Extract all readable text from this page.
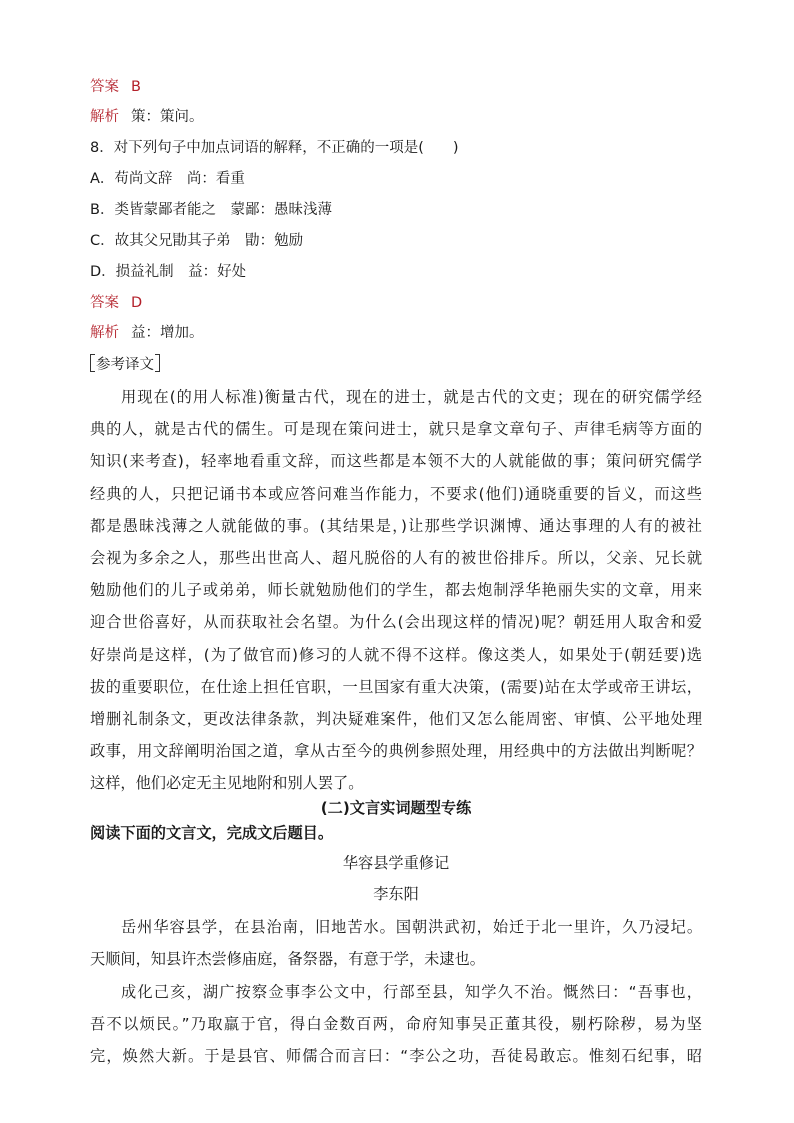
答案 B
解析 策：策问。
8．对下列句子中加点词语的解释，不正确的一项是(　　)
A．苟尚文辞　尚：看重
B．类皆蒙鄙者能之　蒙鄙：愚昧浅薄
C．故其父兄勖其子弟　勖：勉励
D．损益礼制　益：好处
答案 D
解析 益：增加。
参考译文
用现在(的用人标准)衡量古代，现在的进士，就是古代的文吏；现在的研究儒学经
典的人，就是古代的儒生。可是现在策问进士，就只是拿文章句子、声律毛病等方面的
知识(来考查)，轻率地看重文辞，而这些都是本领不大的人就能做的事；策问研究儒学
经典的人，只把记诵书本或应答问难当作能力，不要求(他们)通晓重要的旨义，而这些
都是愚昧浅薄之人就能做的事。(其结果是，)让那些学识渊博、通达事理的人有的被社
会视为多余之人，那些出世高人、超凡脱俗的人有的被世俗排斥。所以，父亲、兄长就
勉励他们的儿子或弟弟，师长就勉励他们的学生，都去炮制浮华艳丽失实的文章，用来
迎合世俗喜好，从而获取社会名望。为什么(会出现这样的情况)呢？朝廷用人取舍和爱
好崇尚是这样，(为了做官而)修习的人就不得不这样。像这类人，如果处于(朝廷要)选
拔的重要职位，在仕途上担任官职，一旦国家有重大决策，(需要)站在太学或帝王讲坛，
增删礼制条文，更改法律条款，判决疑难案件，他们又怎么能周密、审慎、公平地处理
政事，用文辞阐明治国之道，拿从古至今的典例参照处理，用经典中的方法做出判断呢？
这样，他们必定无主见地附和别人罢了。
(二)文言实词题型专练
阅读下面的文言文，完成文后题目。
华容县学重修记
李东阳
岳州华容县学，在县治南，旧地苦水。国朝洪武初，始迁于北一里许，久乃浸圮。
天顺间，知县许杰尝修庙庭，备祭器，有意于学，未逮也。
成化己亥，湖广按察佥事李公文中，行部至县，知学久不治。慨然曰：“吾事也，
吾不以烦民。”乃取羸于官，得白金数百两，命府知事吴正董其役，剔朽除秽，易为坚
完，焕然大新。于是县官、师儒合而言曰：“李公之功，吾徒曷敢忘。惟刻石纪事，昭
